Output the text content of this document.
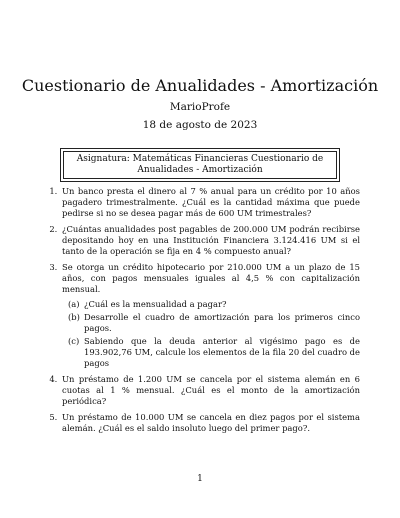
Cuestionario de Anualidades - Amortización
MarioProfe
18 de agosto de 2023
Asignatura: Matemáticas Financieras Cuestionario de Anualidades - Amortización
1. Un banco presta el dinero al 7 % anual para un crédito por 10 años pagadero trimestralmente. ¿Cuál es la cantidad máxima que puede pedirse si no se desea pagar más de 600 UM trimestrales?
2. ¿Cuántas anualidades post pagables de 200.000 UM podrán recibirse depositando hoy en una Institución Financiera 3.124.416 UM si el tanto de la operación se fija en 4 % compuesto anual?
3. Se otorga un crédito hipotecario por 210.000 UM a un plazo de 15 años, con pagos mensuales iguales al 4,5 % con capitalización mensual.
(a) ¿Cuál es la mensualidad a pagar?
(b) Desarrolle el cuadro de amortización para los primeros cinco pagos.
(c) Sabiendo que la deuda anterior al vigésimo pago es de 193.902,76 UM, calcule los elementos de la fila 20 del cuadro de pagos
4. Un préstamo de 1.200 UM se cancela por el sistema alemán en 6 cuotas al 1 % mensual. ¿Cuál es el monto de la amortización periódica?
5. Un préstamo de 10.000 UM se cancela en diez pagos por el sistema alemán. ¿Cuál es el saldo insoluto luego del primer pago?.
1
